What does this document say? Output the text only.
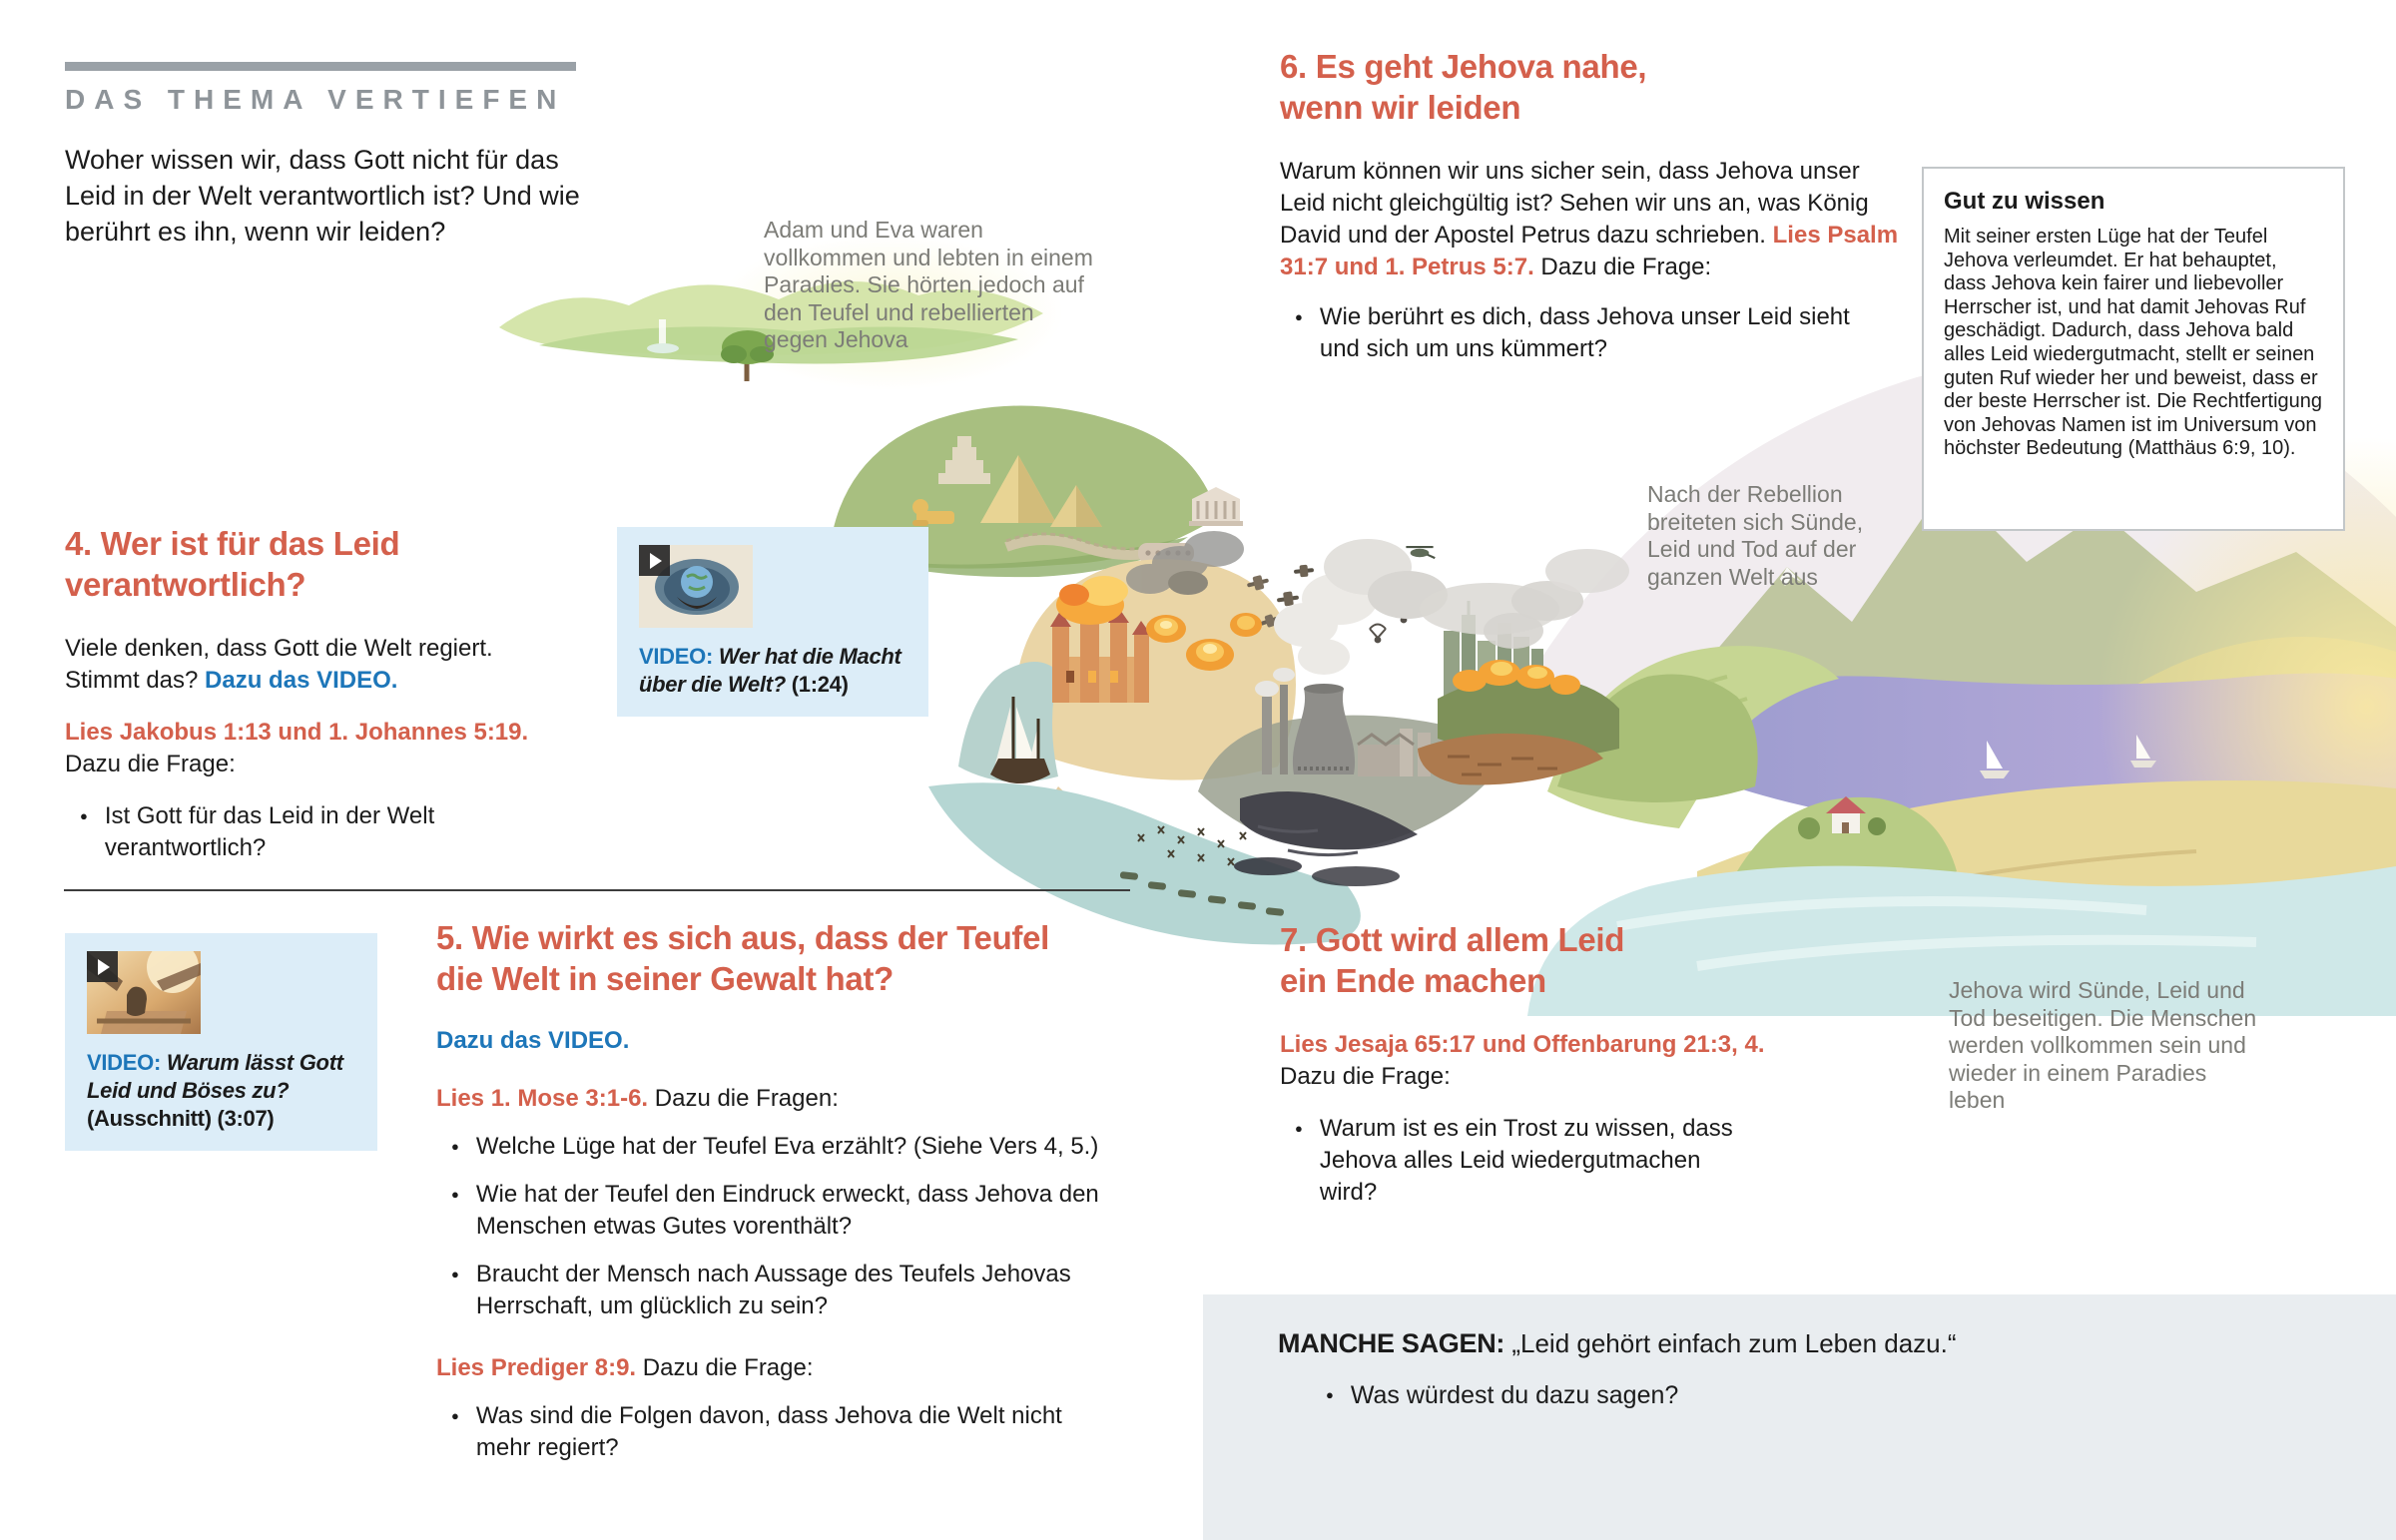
DAS THEMA VERTIEFEN

Woher wissen wir, dass Gott nicht für das Leid in der Welt verantwortlich ist? Und wie berührt es ihn, wenn wir leiden?	Adam und Eva waren vollkommen und lebten in einem Paradies. Sie hörten jedoch auf den Teufel und rebellierten gegen Jehova

Nach der Rebellion breiteten sich Sünde, Leid und Tod auf der ganzen Welt aus

Jehova wird Sünde, Leid und Tod beseitigen. Die Menschen werden vollkommen sein und wieder in einem Paradies leben

6. Es geht Jehova nahe,
wenn wir leiden

Warum können wir uns sicher sein, dass Jehova unser Leid nicht gleichgültig ist? Sehen wir uns an, was König David und der Apostel Petrus dazu schrieben. Lies Psalm 31:7 und 1. Petrus 5:7. Dazu die Frage:

● Wie berührt es dich, dass Jehova unser Leid sieht und sich um uns kümmert?
Gut zu wissen

Mit seiner ersten Lüge hat der Teufel Jehova verleumdet. Er hat behauptet, dass Jehova kein fairer und liebevoller Herrscher ist, und hat damit Jehovas Ruf geschädigt. Dadurch, dass Jehova bald alles Leid wiedergutmacht, stellt er seinen guten Ruf wieder her und beweist, dass er der beste Herrscher ist. Die Rechtfertigung von Jehovas Namen ist im Universum von höchster Bedeutung (Matthäus 6:9, 10).

4. Wer ist für das Leid
verantwortlich?

Viele denken, dass Gott die Welt regiert. Stimmt das? Dazu das VIDEO.

Lies Jakobus 1:13 und 1. Johannes 5:19.
Dazu die Frage:

● Ist Gott für das Leid in der Welt verantwortlich?

VIDEO: Wer hat die Macht über die Welt? (1:24)

VIDEO: Warum lässt Gott Leid und Böses zu? (Ausschnitt) (3:07)

5. Wie wirkt es sich aus, dass der Teufel
die Welt in seiner Gewalt hat?

Dazu das VIDEO.

Lies 1. Mose 3:1-6. Dazu die Fragen:

● Welche Lüge hat der Teufel Eva erzählt? (Siehe Vers 4, 5.)
● Wie hat der Teufel den Eindruck erweckt, dass Jehova den Menschen etwas Gutes vorenthält?
● Braucht der Mensch nach Aussage des Teufels Jehovas Herrschaft, um glücklich zu sein?

Lies Prediger 8:9. Dazu die Frage:

● Was sind die Folgen davon, dass Jehova die Welt nicht mehr regiert?
7. Gott wird allem Leid
ein Ende machen

Lies Jesaja 65:17 und Offenbarung 21:3, 4.
Dazu die Frage:

● Warum ist es ein Trost zu wissen, dass Jehova alles Leid wiedergutmachen wird?

MANCHE SAGEN: „Leid gehört einfach zum Leben dazu.“

● Was würdest du dazu sagen?
